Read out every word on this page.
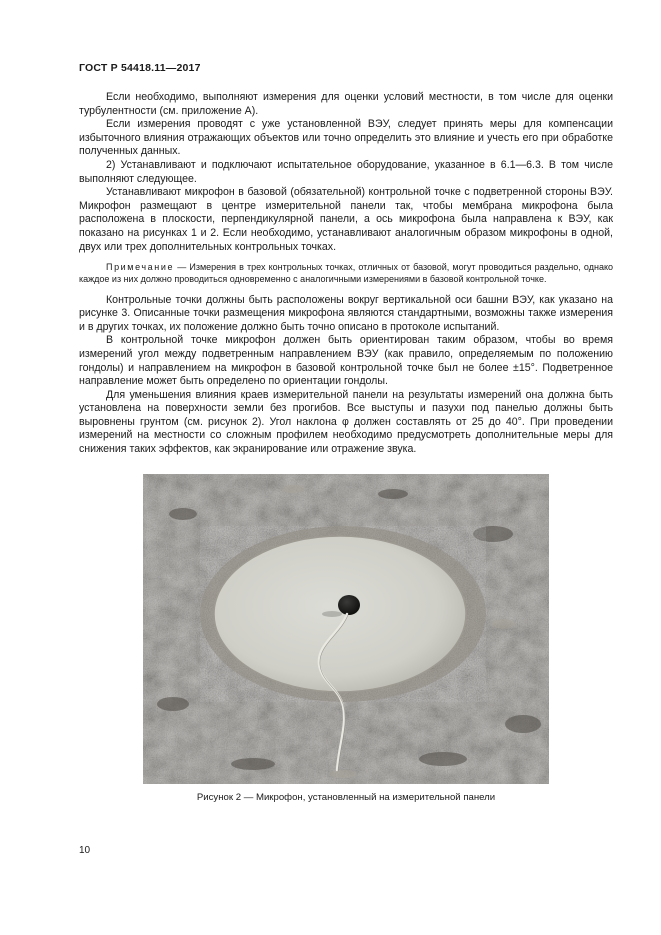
ГОСТ Р 54418.11—2017

Если необходимо, выполняют измерения для оценки условий местности, в том числе для оценки турбулентности (см. приложение А).

Если измерения проводят с уже установленной ВЭУ, следует принять меры для компенсации избыточного влияния отражающих объектов или точно определить это влияние и учесть его при обработке полученных данных.

2) Устанавливают и подключают испытательное оборудование, указанное в 6.1—6.3. В том числе выполняют следующее.

Устанавливают микрофон в базовой (обязательной) контрольной точке с подветренной стороны ВЭУ. Микрофон размещают в центре измерительной панели так, чтобы мембрана микрофона была расположена в плоскости, перпендикулярной панели, а ось микрофона была направлена к ВЭУ, как показано на рисунках 1 и 2. Если необходимо, устанавливают аналогичным образом микрофоны в одной, двух или трех дополнительных контрольных точках.

Примечание — Измерения в трех контрольных точках, отличных от базовой, могут проводиться раздельно, однако каждое из них должно проводиться одновременно с аналогичными измерениями в базовой контрольной точке.

Контрольные точки должны быть расположены вокруг вертикальной оси башни ВЭУ, как указано на рисунке 3. Описанные точки размещения микрофона являются стандартными, возможны также измерения и в других точках, их положение должно быть точно описано в протоколе испытаний.

В контрольной точке микрофон должен быть ориентирован таким образом, чтобы во время измерений угол между подветренным направлением ВЭУ (как правило, определяемым по положению гондолы) и направлением на микрофон в базовой контрольной точке был не более ±15°. Подветренное направление может быть определено по ориентации гондолы.

Для уменьшения влияния краев измерительной панели на результаты измерений она должна быть установлена на поверхности земли без прогибов. Все выступы и пазухи под панелью должны быть выровнены грунтом (см. рисунок 2). Угол наклона φ должен составлять от 25 до 40°. При проведении измерений на местности со сложным профилем необходимо предусмотреть дополнительные меры для снижения таких эффектов, как экранирование или отражение звука.

Рисунок 2 — Микрофон, установленный на измерительной панели
10
